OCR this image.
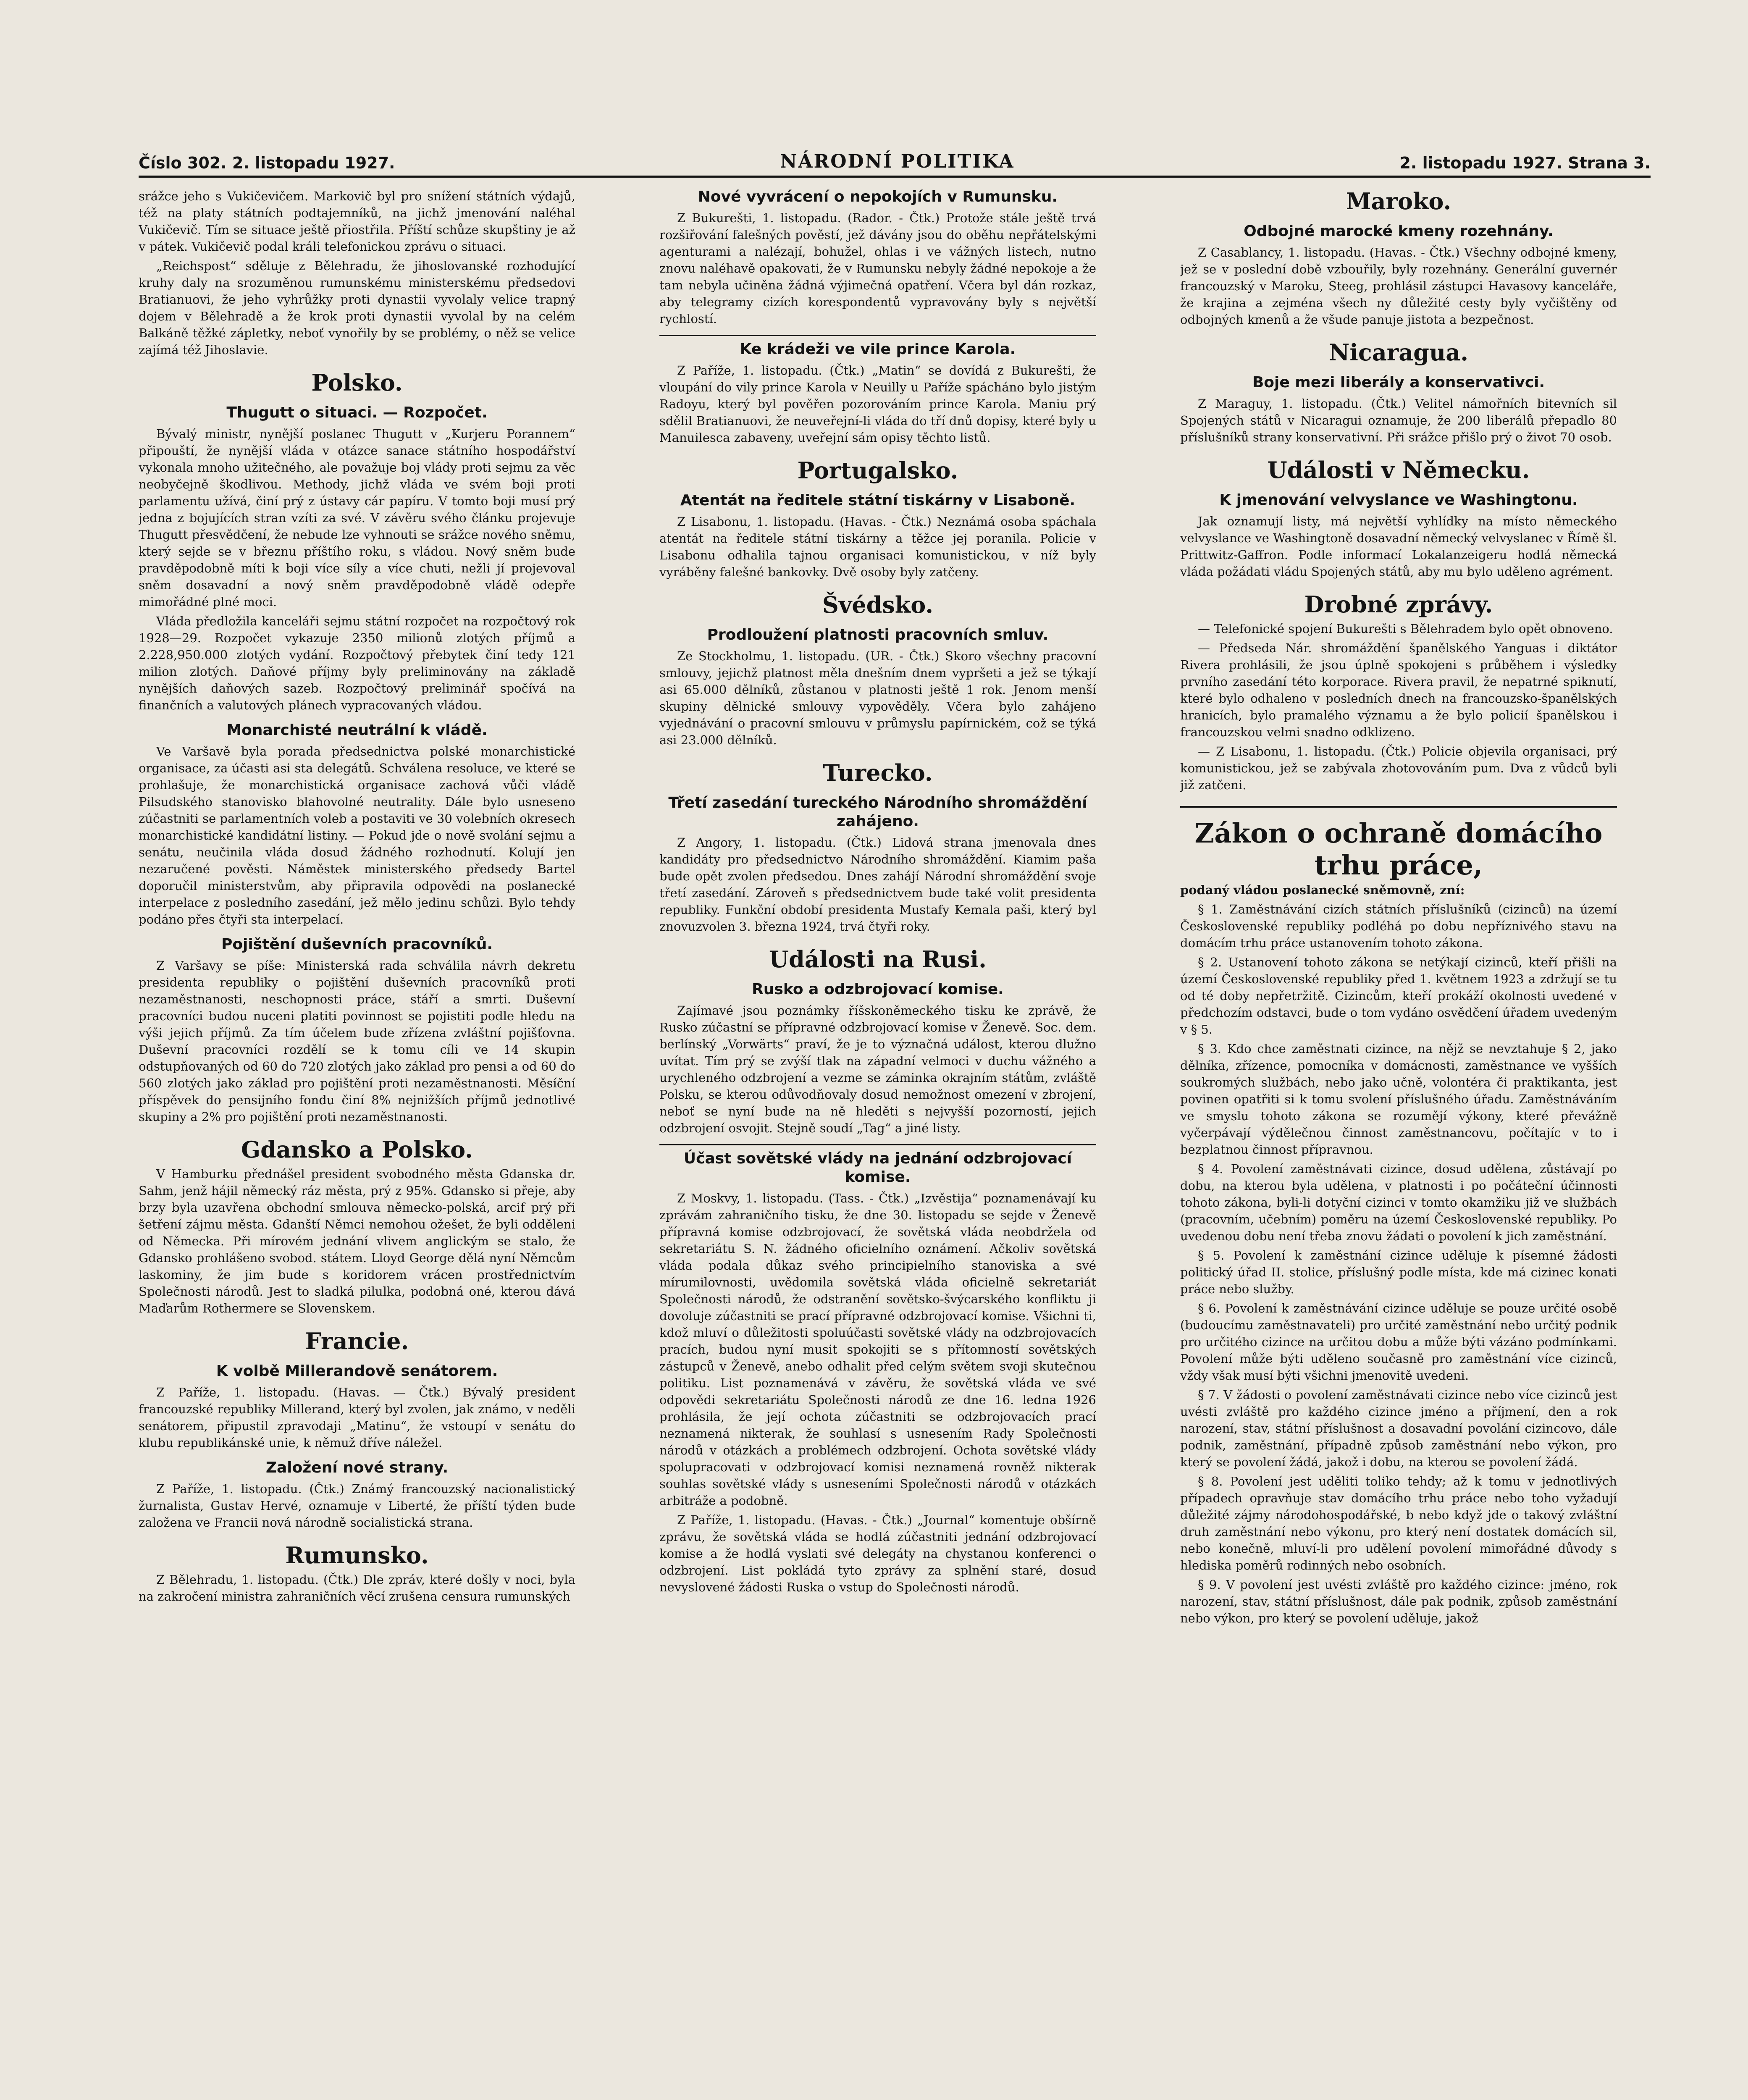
Číslo 302. 2. listopadu 1927.	NÁRODNÍ POLITIKA	2. listopadu 1927. Strana 3.

srážce jeho s Vukičevičem. Markovič byl pro snížení státních výdajů, též na platy státních podtajemníků, na jichž jmenování naléhal Vukičevič. Tím se situace ještě přiostřila. Příští schůze skupštiny je až v pátek. Vukičevič podal králi telefonickou zprávu o situaci.

„Reichspost“ sděluje z Bělehradu, že jihoslovanské rozhodující kruhy daly na srozuměnou rumunskému ministerskému předsedovi Bratianuovi, že jeho vyhrůžky proti dynastii vyvolaly velice trapný dojem v Bělehradě a že krok proti dynastii vyvolal by na celém Balkáně těžké zápletky, neboť vynořily by se problémy, o něž se velice zajímá též Jihoslavie.

Polsko.
Thugutt o situaci. — Rozpočet.

Bývalý ministr, nynější poslanec Thugutt v „Kurjeru Porannem“ připouští, že nynější vláda v otázce sanace státního hospodářství vykonala mnoho užitečného, ale považuje boj vlády proti sejmu za věc neobyčejně škodlivou. Methody, jichž vláda ve svém boji proti parlamentu užívá, činí prý z ústavy cár papíru. V tomto boji musí prý jedna z bojujících stran vzíti za své. V závěru svého článku projevuje Thugutt přesvědčení, že nebude lze vyhnouti se srážce nového sněmu, který sejde se v březnu příštího roku, s vládou. Nový sněm bude pravděpodobně míti k boji více síly a více chuti, nežli jí projevoval sněm dosavadní a nový sněm pravděpodobně vládě odepře mimořádné plné moci.

Vláda předložila kanceláři sejmu státní rozpočet na rozpočtový rok 1928—29. Rozpočet vykazuje 2350 milionů zlotých příjmů a 2.228,950.000 zlotých vydání. Rozpočtový přebytek činí tedy 121 milion zlotých. Daňové příjmy byly preliminovány na základě nynějších daňových sazeb. Rozpočtový preliminář spočívá na finančních a valutových plánech vypracovaných vládou.

Monarchisté neutrální k vládě.

Ve Varšavě byla porada předsednictva polské monarchistické organisace, za účasti asi sta delegátů. Schválena resoluce, ve které se prohlašuje, že monarchistická organisace zachová vůči vládě Pilsudského stanovisko blahovolné neutrality. Dále bylo usneseno zúčastniti se parlamentních voleb a postaviti ve 30 volebních okresech monarchistické kandidátní listiny. — Pokud jde o nově svolání sejmu a senátu, neučinila vláda dosud žádného rozhodnutí. Kolují jen nezaručené pověsti. Náměstek ministerského předsedy Bartel doporučil ministerstvům, aby připravila odpovědi na poslanecké interpelace z posledního zasedání, jež mělo jedinu schůzi. Bylo tehdy podáno přes čtyři sta interpelací.

Pojištění duševních pracovníků.

Z Varšavy se píše: Ministerská rada schválila návrh dekretu presidenta republiky o pojištění duševních pracovníků proti nezaměstnanosti, neschopnosti práce, stáří a smrti. Duševní pracovníci budou nuceni platiti povinnost se pojistiti podle hledu na výši jejich příjmů. Za tím účelem bude zřízena zvláštní pojišťovna. Duševní pracovníci rozdělí se k tomu cíli ve 14 skupin odstupňovaných od 60 do 720 zlotých jako základ pro pensi a od 60 do 560 zlotých jako základ pro pojištění proti nezaměstnanosti. Měsíční příspěvek do pensijního fondu činí 8% nejnižších příjmů jednotlivé skupiny a 2% pro pojištění proti nezaměstnanosti.

Gdansko a Polsko.

V Hamburku přednášel president svobodného města Gdanska dr. Sahm, jenž hájil německý ráz města, prý z 95%. Gdansko si přeje, aby brzy byla uzavřena obchodní smlouva německo-polská, arcif prý při šetření zájmu města. Gdanští Němci nemohou ožešet, že byli odděleni od Německa. Při mírovém jednání vlivem anglickým se stalo, že Gdansko prohlášeno svobod. státem. Lloyd George dělá nyní Němcům laskominy, že jim bude s koridorem vrácen prostřednictvím Společnosti národů. Jest to sladká pilulka, podobná oné, kterou dává Maďarům Rothermere se Slovenskem.

Francie.
K volbě Millerandově senátorem.

Z Paříže, 1. listopadu. (Havas. — Čtk.) Bývalý president francouzské republiky Millerand, který byl zvolen, jak známo, v neděli senátorem, připustil zpravodaji „Matinu“, že vstoupí v senátu do klubu republikánské unie, k němuž dříve náležel.

Založení nové strany.

Z Paříže, 1. listopadu. (Čtk.) Známý francouzský nacionalistický žurnalista, Gustav Hervé, oznamuje v Liberté, že příští týden bude založena ve Francii nová národně socialistická strana.

Rumunsko.

Z Bělehradu, 1. listopadu. (Čtk.) Dle zpráv, které došly v noci, byla na zakročení ministra zahraničních věcí zrušena censura rumunských

Nové vyvrácení o nepokojích v Rumunsku.

Z Bukurešti, 1. listopadu. (Rador. - Čtk.) Protože stále ještě trvá rozšiřování falešných pověstí, jež dávány jsou do oběhu nepřátelskými agenturami a nalézají, bohužel, ohlas i ve vážných listech, nutno znovu naléhavě opakovati, že v Rumunsku nebyly žádné nepokoje a že tam nebyla učiněna žádná výjimečná opatření. Včera byl dán rozkaz, aby telegramy cizích korespondentů vypravovány byly s největší rychlostí.

Ke krádeži ve vile prince Karola.

Z Paříže, 1. listopadu. (Čtk.) „Matin“ se dovídá z Bukurešti, že vloupání do vily prince Karola v Neuilly u Paříže spácháno bylo jistým Radoyu, který byl pověřen pozorováním prince Karola. Maniu prý sdělil Bratianuovi, že neuveřejní-li vláda do tří dnů dopisy, které byly u Manuilesca zabaveny, uveřejní sám opisy těchto listů.

Portugalsko.
Atentát na ředitele státní tiskárny v Lisaboně.

Z Lisabonu, 1. listopadu. (Havas. - Čtk.) Neznámá osoba spáchala atentát na ředitele státní tiskárny a těžce jej poranila. Policie v Lisabonu odhalila tajnou organisaci komunistickou, v níž byly vyráběny falešné bankovky. Dvě osoby byly zatčeny.

Švédsko.
Prodloužení platnosti pracovních smluv.

Ze Stockholmu, 1. listopadu. (UR. - Čtk.) Skoro všechny pracovní smlouvy, jejichž platnost měla dnešním dnem vypršeti a jež se týkají asi 65.000 dělníků, zůstanou v platnosti ještě 1 rok. Jenom menší skupiny dělnické smlouvy vypověděly. Včera bylo zahájeno vyjednávání o pracovní smlouvu v průmyslu papírnickém, což se týká asi 23.000 dělníků.

Turecko.
Třetí zasedání tureckého Národního shromáždění zahájeno.

Z Angory, 1. listopadu. (Čtk.) Lidová strana jmenovala dnes kandidáty pro předsednictvo Národního shromáždění. Kiamim paša bude opět zvolen předsedou. Dnes zahájí Národní shromáždění svoje třetí zasedání. Zároveň s předsednictvem bude také volit presidenta republiky. Funkční období presidenta Mustafy Kemala paši, který byl znovuzvolen 3. března 1924, trvá čtyři roky.

Události na Rusi.
Rusko a odzbrojovací komise.

Zajímavé jsou poznámky říšskoněmeckého tisku ke zprávě, že Rusko zúčastní se přípravné odzbrojovací komise v Ženevě. Soc. dem. berlínský „Vorwärts“ praví, že je to význačná událost, kterou dlužno uvítat. Tím prý se zvýší tlak na západní velmoci v duchu vážného a urychleného odzbrojení a vezme se záminka okrajním státům, zvláště Polsku, se kterou odůvodňovaly dosud nemožnost omezení v zbrojení, neboť se nyní bude na ně hleděti s nejvyšší pozorností, jejich odzbrojení osvojit. Stejně soudí „Tag“ a jiné listy.

Účast sovětské vlády na jednání odzbrojovací komise.

Z Moskvy, 1. listopadu. (Tass. - Čtk.) „Izvěstija“ poznamenávají ku zprávám zahraničního tisku, že dne 30. listopadu se sejde v Ženevě přípravná komise odzbrojovací, že sovětská vláda neobdržela od sekretariátu S. N. žádného oficielního oznámení. Ačkoliv sovětská vláda podala důkaz svého principielního stanoviska a své mírumilovnosti, uvědomila sovětská vláda oficielně sekretariát Společnosti národů, že odstranění sovětsko-švýcarského konfliktu ji dovoluje zúčastniti se prací přípravné odzbrojovací komise. Všichni ti, kdož mluví o důležitosti spoluúčasti sovětské vlády na odzbrojovacích pracích, budou nyní musit spokojiti se s přítomností sovětských zástupců v Ženevě, anebo odhalit před celým světem svoji skutečnou politiku. List poznamenává v závěru, že sovětská vláda ve své odpovědi sekretariátu Společnosti národů ze dne 16. ledna 1926 prohlásila, že její ochota zúčastniti se odzbrojovacích prací neznamená nikterak, že souhlasí s usnesením Rady Společnosti národů v otázkách a problémech odzbrojení. Ochota sovětské vlády spolupracovati v odzbrojovací komisi neznamená rovněž nikterak souhlas sovětské vlády s usneseními Společnosti národů v otázkách arbitráže a podobně.

Z Paříže, 1. listopadu. (Havas. - Čtk.) „Journal“ komentuje obšírně zprávu, že sovětská vláda se hodlá zúčastniti jednání odzbrojovací komise a že hodlá vyslati své delegáty na chystanou konferenci o odzbrojení. List pokládá tyto zprávy za splnění staré, dosud nevyslovené žádosti Ruska o vstup do Společnosti národů.

Maroko.
Odbojné marocké kmeny rozehnány.

Z Casablancy, 1. listopadu. (Havas. - Čtk.) Všechny odbojné kmeny, jež se v poslední době vzbouřily, byly rozehnány. Generální guvernér francouzský v Maroku, Steeg, prohlásil zástupci Havasovy kanceláře, že krajina a zejména všech ny důležité cesty byly vyčištěny od odbojných kmenů a že všude panuje jistota a bezpečnost.

Nicaragua.
Boje mezi liberály a konservativci.

Z Maraguy, 1. listopadu. (Čtk.) Velitel námořních bitevních sil Spojených států v Nicaragui oznamuje, že 200 liberálů přepadlo 80 příslušníků strany konservativní. Při srážce přišlo prý o život 70 osob.

Události v Německu.
K jmenování velvyslance ve Washingtonu.

Jak oznamují listy, má největší vyhlídky na místo německého velvyslance ve Washingtoně dosavadní německý velvyslanec v Římě šl. Prittwitz-Gaffron. Podle informací Lokalanzeigeru hodlá německá vláda požádati vládu Spojených států, aby mu bylo uděleno agrément.

Drobné zprávy.

— Telefonické spojení Bukurešti s Bělehradem bylo opět obnoveno.

— Předseda Nár. shromáždění španělského Yanguas i diktátor Rivera prohlásili, že jsou úplně spokojeni s průběhem i výsledky prvního zasedání této korporace. Rivera pravil, že nepatrné spiknutí, které bylo odhaleno v posledních dnech na francouzsko-španělských hranicích, bylo pramalého významu a že bylo policií španělskou i francouzskou velmi snadno odklizeno.

— Z Lisabonu, 1. listopadu. (Čtk.) Policie objevila organisaci, prý komunistickou, jež se zabývala zhotovováním pum. Dva z vůdců byli již zatčeni.

Zákon o ochraně domácího trhu práce,

podaný vládou poslanecké sněmovně, zní:

§ 1. Zaměstnávání cizích státních příslušníků (cizinců) na území Československé republiky podléhá po dobu nepříznivého stavu na domácím trhu práce ustanovením tohoto zákona.

§ 2. Ustanovení tohoto zákona se netýkají cizinců, kteří přišli na území Československé republiky před 1. květnem 1923 a zdržují se tu od té doby nepřetržitě. Cizincům, kteří prokáží okolnosti uvedené v předchozím odstavci, bude o tom vydáno osvědčení úřadem uvedeným v § 5.

§ 3. Kdo chce zaměstnati cizince, na nějž se nevztahuje § 2, jako dělníka, zřízence, pomocníka v domácnosti, zaměstnance ve vyšších soukromých službách, nebo jako učně, volontéra či praktikanta, jest povinen opatřiti si k tomu svolení příslušného úřadu. Zaměstnáváním ve smyslu tohoto zákona se rozumějí výkony, které převážně vyčerpávají výdělečnou činnost zaměstnancovu, počítajíc v to i bezplatnou činnost přípravnou.

§ 4. Povolení zaměstnávati cizince, dosud udělena, zůstávají po dobu, na kterou byla udělena, v platnosti i po počáteční účinnosti tohoto zákona, byli-li dotyční cizinci v tomto okamžiku již ve službách (pracovním, učebním) poměru na území Československé republiky. Po uvedenou dobu není třeba znovu žádati o povolení k jich zaměstnání.

§ 5. Povolení k zaměstnání cizince uděluje k písemné žádosti politický úřad II. stolice, příslušný podle místa, kde má cizinec konati práce nebo služby.

§ 6. Povolení k zaměstnávání cizince uděluje se pouze určité osobě (budoucímu zaměstnavateli) pro určité zaměstnání nebo určitý podnik pro určitého cizince na určitou dobu a může býti vázáno podmínkami. Povolení může býti uděleno současně pro zaměstnání více cizinců, vždy však musí býti všichni jmenovitě uvedeni.

§ 7. V žádosti o povolení zaměstnávati cizince nebo více cizinců jest uvésti zvláště pro každého cizince jméno a příjmení, den a rok narození, stav, státní příslušnost a dosavadní povolání cizincovo, dále podnik, zaměstnání, případně způsob zaměstnání nebo výkon, pro který se povolení žádá, jakož i dobu, na kterou se povolení žádá.

§ 8. Povolení jest uděliti toliko tehdy; až k tomu v jednotlivých případech opravňuje stav domácího trhu práce nebo toho vyžadují důležité zájmy národohospodářské, b nebo když jde o takový zvláštní druh zaměstnání nebo výkonu, pro který není dostatek domácích sil, nebo konečně, mluví-li pro udělení povolení mimořádné důvody s hlediska poměrů rodinných nebo osobních.

§ 9. V povolení jest uvésti zvláště pro každého cizince: jméno, rok narození, stav, státní příslušnost, dále pak podnik, způsob zaměstnání nebo výkon, pro který se povolení uděluje, jakož
